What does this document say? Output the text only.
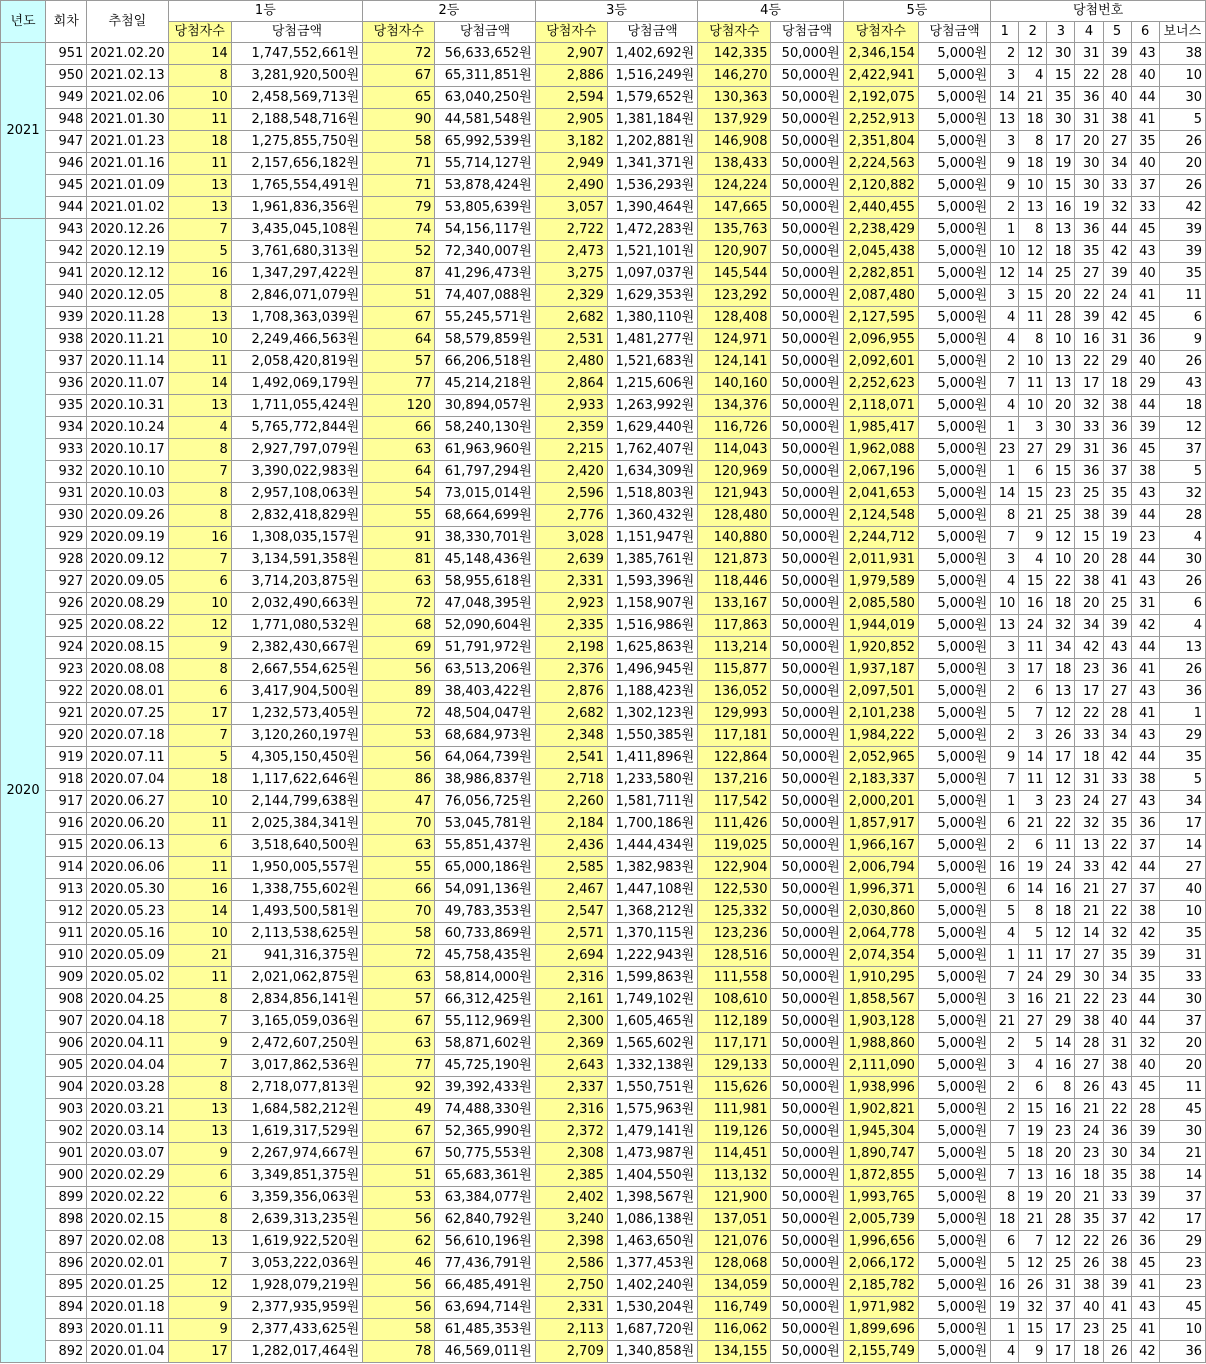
년도	회차	추첨일	1등		2등		3등		4등		5등		당첨번호						
			당첨자수	당첨금액	당첨자수	당첨금액	당첨자수	당첨금액	당첨자수	당첨금액	당첨자수	당첨금액	1	2	3	4	5	6	보너스
2021	951	2021.02.20	14	1,747,552,661원	72	56,633,652원	2,907	1,402,692원	142,335	50,000원	2,346,154	5,000원	2	12	30	31	39	43	38
	950	2021.02.13	8	3,281,920,500원	67	65,311,851원	2,886	1,516,249원	146,270	50,000원	2,422,941	5,000원	3	4	15	22	28	40	10
	949	2021.02.06	10	2,458,569,713원	65	63,040,250원	2,594	1,579,652원	130,363	50,000원	2,192,075	5,000원	14	21	35	36	40	44	30
	948	2021.01.30	11	2,188,548,716원	90	44,581,548원	2,905	1,381,184원	137,929	50,000원	2,252,913	5,000원	13	18	30	31	38	41	5
	947	2021.01.23	18	1,275,855,750원	58	65,992,539원	3,182	1,202,881원	146,908	50,000원	2,351,804	5,000원	3	8	17	20	27	35	26
	946	2021.01.16	11	2,157,656,182원	71	55,714,127원	2,949	1,341,371원	138,433	50,000원	2,224,563	5,000원	9	18	19	30	34	40	20
	945	2021.01.09	13	1,765,554,491원	71	53,878,424원	2,490	1,536,293원	124,224	50,000원	2,120,882	5,000원	9	10	15	30	33	37	26
	944	2021.01.02	13	1,961,836,356원	79	53,805,639원	3,057	1,390,464원	147,665	50,000원	2,440,455	5,000원	2	13	16	19	32	33	42
2020	943	2020.12.26	7	3,435,045,108원	74	54,156,117원	2,722	1,472,283원	135,763	50,000원	2,238,429	5,000원	1	8	13	36	44	45	39
	942	2020.12.19	5	3,761,680,313원	52	72,340,007원	2,473	1,521,101원	120,907	50,000원	2,045,438	5,000원	10	12	18	35	42	43	39
	941	2020.12.12	16	1,347,297,422원	87	41,296,473원	3,275	1,097,037원	145,544	50,000원	2,282,851	5,000원	12	14	25	27	39	40	35
	940	2020.12.05	8	2,846,071,079원	51	74,407,088원	2,329	1,629,353원	123,292	50,000원	2,087,480	5,000원	3	15	20	22	24	41	11
	939	2020.11.28	13	1,708,363,039원	67	55,245,571원	2,682	1,380,110원	128,408	50,000원	2,127,595	5,000원	4	11	28	39	42	45	6
	938	2020.11.21	10	2,249,466,563원	64	58,579,859원	2,531	1,481,277원	124,971	50,000원	2,096,955	5,000원	4	8	10	16	31	36	9
	937	2020.11.14	11	2,058,420,819원	57	66,206,518원	2,480	1,521,683원	124,141	50,000원	2,092,601	5,000원	2	10	13	22	29	40	26
	936	2020.11.07	14	1,492,069,179원	77	45,214,218원	2,864	1,215,606원	140,160	50,000원	2,252,623	5,000원	7	11	13	17	18	29	43
	935	2020.10.31	13	1,711,055,424원	120	30,894,057원	2,933	1,263,992원	134,376	50,000원	2,118,071	5,000원	4	10	20	32	38	44	18
	934	2020.10.24	4	5,765,772,844원	66	58,240,130원	2,359	1,629,440원	116,726	50,000원	1,985,417	5,000원	1	3	30	33	36	39	12
	933	2020.10.17	8	2,927,797,079원	63	61,963,960원	2,215	1,762,407원	114,043	50,000원	1,962,088	5,000원	23	27	29	31	36	45	37
	932	2020.10.10	7	3,390,022,983원	64	61,797,294원	2,420	1,634,309원	120,969	50,000원	2,067,196	5,000원	1	6	15	36	37	38	5
	931	2020.10.03	8	2,957,108,063원	54	73,015,014원	2,596	1,518,803원	121,943	50,000원	2,041,653	5,000원	14	15	23	25	35	43	32
	930	2020.09.26	8	2,832,418,829원	55	68,664,699원	2,776	1,360,432원	128,480	50,000원	2,124,548	5,000원	8	21	25	38	39	44	28
	929	2020.09.19	16	1,308,035,157원	91	38,330,701원	3,028	1,151,947원	140,880	50,000원	2,244,712	5,000원	7	9	12	15	19	23	4
	928	2020.09.12	7	3,134,591,358원	81	45,148,436원	2,639	1,385,761원	121,873	50,000원	2,011,931	5,000원	3	4	10	20	28	44	30
	927	2020.09.05	6	3,714,203,875원	63	58,955,618원	2,331	1,593,396원	118,446	50,000원	1,979,589	5,000원	4	15	22	38	41	43	26
	926	2020.08.29	10	2,032,490,663원	72	47,048,395원	2,923	1,158,907원	133,167	50,000원	2,085,580	5,000원	10	16	18	20	25	31	6
	925	2020.08.22	12	1,771,080,532원	68	52,090,604원	2,335	1,516,986원	117,863	50,000원	1,944,019	5,000원	13	24	32	34	39	42	4
	924	2020.08.15	9	2,382,430,667원	69	51,791,972원	2,198	1,625,863원	113,214	50,000원	1,920,852	5,000원	3	11	34	42	43	44	13
	923	2020.08.08	8	2,667,554,625원	56	63,513,206원	2,376	1,496,945원	115,877	50,000원	1,937,187	5,000원	3	17	18	23	36	41	26
	922	2020.08.01	6	3,417,904,500원	89	38,403,422원	2,876	1,188,423원	136,052	50,000원	2,097,501	5,000원	2	6	13	17	27	43	36
	921	2020.07.25	17	1,232,573,405원	72	48,504,047원	2,682	1,302,123원	129,993	50,000원	2,101,238	5,000원	5	7	12	22	28	41	1
	920	2020.07.18	7	3,120,260,197원	53	68,684,973원	2,348	1,550,385원	117,181	50,000원	1,984,222	5,000원	2	3	26	33	34	43	29
	919	2020.07.11	5	4,305,150,450원	56	64,064,739원	2,541	1,411,896원	122,864	50,000원	2,052,965	5,000원	9	14	17	18	42	44	35
	918	2020.07.04	18	1,117,622,646원	86	38,986,837원	2,718	1,233,580원	137,216	50,000원	2,183,337	5,000원	7	11	12	31	33	38	5
	917	2020.06.27	10	2,144,799,638원	47	76,056,725원	2,260	1,581,711원	117,542	50,000원	2,000,201	5,000원	1	3	23	24	27	43	34
	916	2020.06.20	11	2,025,384,341원	70	53,045,781원	2,184	1,700,186원	111,426	50,000원	1,857,917	5,000원	6	21	22	32	35	36	17
	915	2020.06.13	6	3,518,640,500원	63	55,851,437원	2,436	1,444,434원	119,025	50,000원	1,966,167	5,000원	2	6	11	13	22	37	14
	914	2020.06.06	11	1,950,005,557원	55	65,000,186원	2,585	1,382,983원	122,904	50,000원	2,006,794	5,000원	16	19	24	33	42	44	27
	913	2020.05.30	16	1,338,755,602원	66	54,091,136원	2,467	1,447,108원	122,530	50,000원	1,996,371	5,000원	6	14	16	21	27	37	40
	912	2020.05.23	14	1,493,500,581원	70	49,783,353원	2,547	1,368,212원	125,332	50,000원	2,030,860	5,000원	5	8	18	21	22	38	10
	911	2020.05.16	10	2,113,538,625원	58	60,733,869원	2,571	1,370,115원	123,236	50,000원	2,064,778	5,000원	4	5	12	14	32	42	35
	910	2020.05.09	21	941,316,375원	72	45,758,435원	2,694	1,222,943원	128,516	50,000원	2,074,354	5,000원	1	11	17	27	35	39	31
	909	2020.05.02	11	2,021,062,875원	63	58,814,000원	2,316	1,599,863원	111,558	50,000원	1,910,295	5,000원	7	24	29	30	34	35	33
	908	2020.04.25	8	2,834,856,141원	57	66,312,425원	2,161	1,749,102원	108,610	50,000원	1,858,567	5,000원	3	16	21	22	23	44	30
	907	2020.04.18	7	3,165,059,036원	67	55,112,969원	2,300	1,605,465원	112,189	50,000원	1,903,128	5,000원	21	27	29	38	40	44	37
	906	2020.04.11	9	2,472,607,250원	63	58,871,602원	2,369	1,565,602원	117,171	50,000원	1,988,860	5,000원	2	5	14	28	31	32	20
	905	2020.04.04	7	3,017,862,536원	77	45,725,190원	2,643	1,332,138원	129,133	50,000원	2,111,090	5,000원	3	4	16	27	38	40	20
	904	2020.03.28	8	2,718,077,813원	92	39,392,433원	2,337	1,550,751원	115,626	50,000원	1,938,996	5,000원	2	6	8	26	43	45	11
	903	2020.03.21	13	1,684,582,212원	49	74,488,330원	2,316	1,575,963원	111,981	50,000원	1,902,821	5,000원	2	15	16	21	22	28	45
	902	2020.03.14	13	1,619,317,529원	67	52,365,990원	2,372	1,479,141원	119,126	50,000원	1,945,304	5,000원	7	19	23	24	36	39	30
	901	2020.03.07	9	2,267,974,667원	67	50,775,553원	2,308	1,473,987원	114,451	50,000원	1,890,747	5,000원	5	18	20	23	30	34	21
	900	2020.02.29	6	3,349,851,375원	51	65,683,361원	2,385	1,404,550원	113,132	50,000원	1,872,855	5,000원	7	13	16	18	35	38	14
	899	2020.02.22	6	3,359,356,063원	53	63,384,077원	2,402	1,398,567원	121,900	50,000원	1,993,765	5,000원	8	19	20	21	33	39	37
	898	2020.02.15	8	2,639,313,235원	56	62,840,792원	3,240	1,086,138원	137,051	50,000원	2,005,739	5,000원	18	21	28	35	37	42	17
	897	2020.02.08	13	1,619,922,520원	62	56,610,196원	2,398	1,463,650원	121,076	50,000원	1,996,656	5,000원	6	7	12	22	26	36	29
	896	2020.02.01	7	3,053,222,036원	46	77,436,791원	2,586	1,377,453원	128,068	50,000원	2,066,172	5,000원	5	12	25	26	38	45	23
	895	2020.01.25	12	1,928,079,219원	56	66,485,491원	2,750	1,402,240원	134,059	50,000원	2,185,782	5,000원	16	26	31	38	39	41	23
	894	2020.01.18	9	2,377,935,959원	56	63,694,714원	2,331	1,530,204원	116,749	50,000원	1,971,982	5,000원	19	32	37	40	41	43	45
	893	2020.01.11	9	2,377,433,625원	58	61,485,353원	2,113	1,687,720원	116,062	50,000원	1,899,696	5,000원	1	15	17	23	25	41	10
	892	2020.01.04	17	1,282,017,464원	78	46,569,011원	2,709	1,340,858원	134,155	50,000원	2,155,749	5,000원	4	9	17	18	26	42	36
